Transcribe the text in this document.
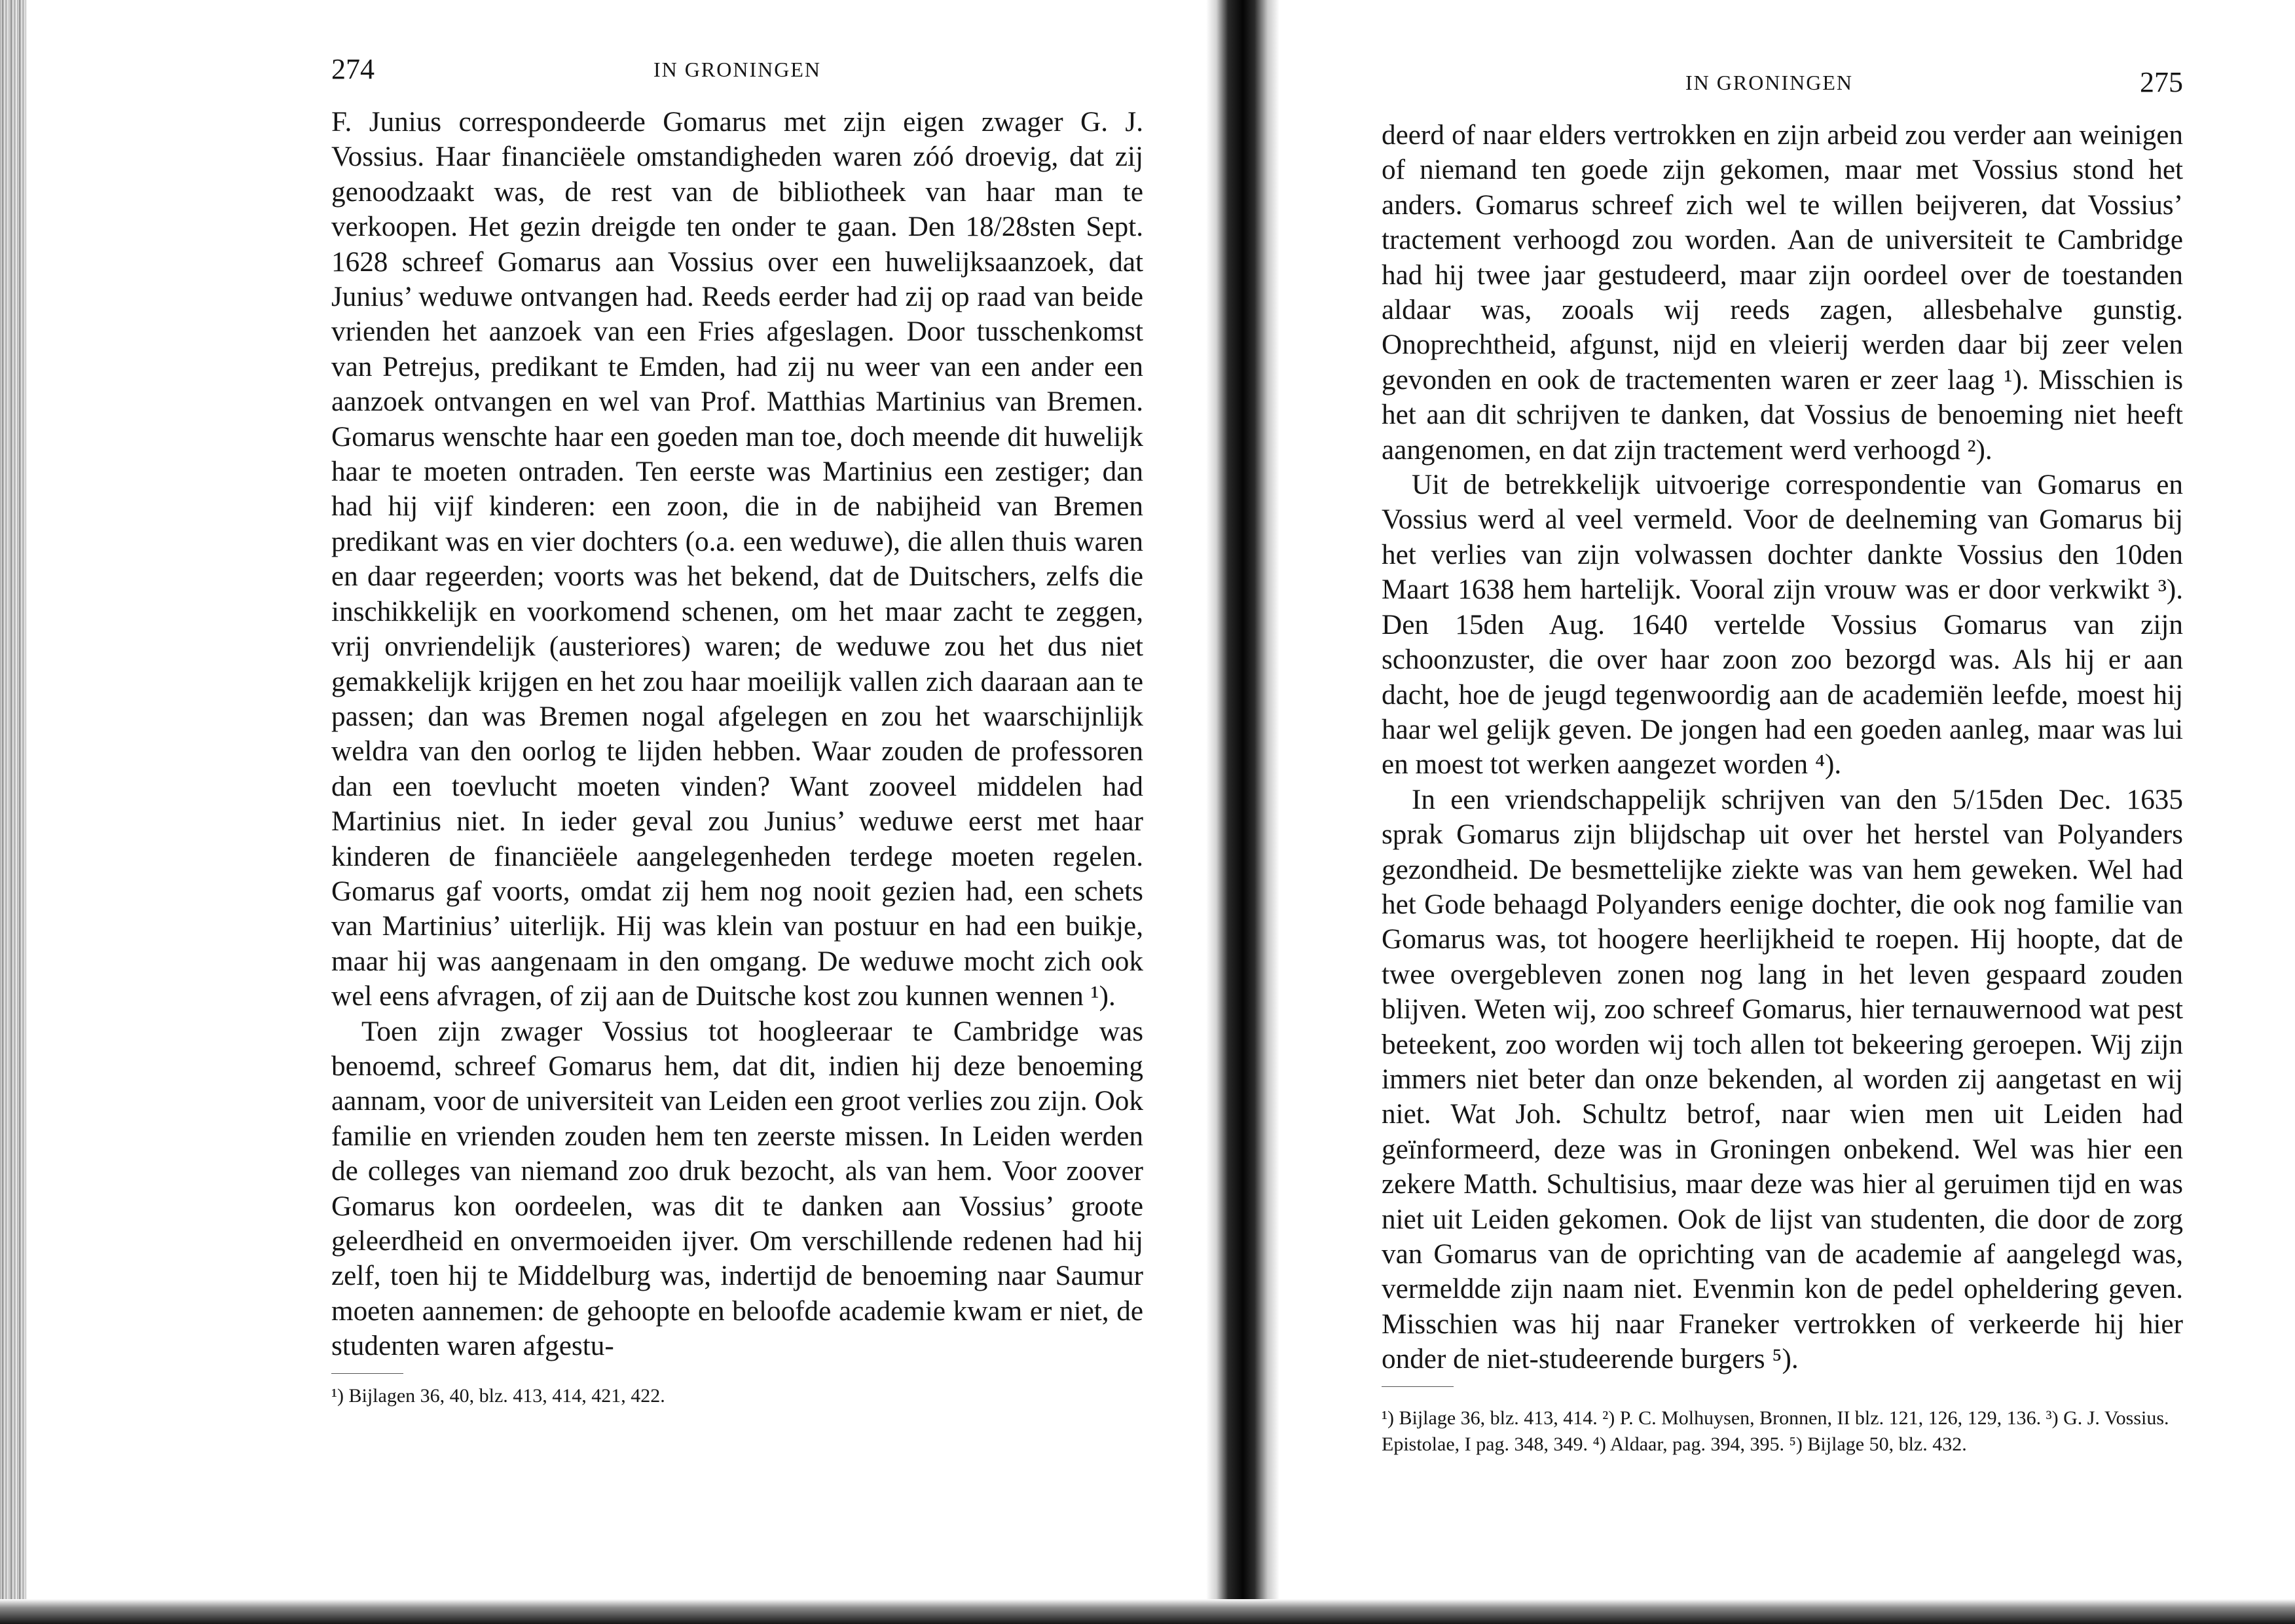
274	IN GRONINGEN

F. Junius correspondeerde Gomarus met zijn eigen zwager G. J. Vossius. Haar financiëele omstandigheden waren zóó droevig, dat zij genoodzaakt was, de rest van de bibliotheek van haar man te verkoopen. Het gezin dreigde ten onder te gaan. Den 18/28sten Sept. 1628 schreef Gomarus aan Vossius over een huwelijksaanzoek, dat Junius’ weduwe ontvangen had. Reeds eerder had zij op raad van beide vrienden het aanzoek van een Fries afgeslagen. Door tusschenkomst van Petrejus, predikant te Emden, had zij nu weer van een ander een aanzoek ontvangen en wel van Prof. Matthias Martinius van Bremen. Gomarus wenschte haar een goeden man toe, doch meende dit huwelijk haar te moeten ontraden. Ten eerste was Martinius een zestiger; dan had hij vijf kinderen: een zoon, die in de nabijheid van Bremen predikant was en vier dochters (o.a. een weduwe), die allen thuis waren en daar regeerden; voorts was het bekend, dat de Duitschers, zelfs die inschikkelijk en voorkomend schenen, om het maar zacht te zeggen, vrij onvriendelijk (austeriores) waren; de weduwe zou het dus niet gemakkelijk krijgen en het zou haar moeilijk vallen zich daaraan aan te passen; dan was Bremen nogal afgelegen en zou het waarschijnlijk weldra van den oorlog te lijden hebben. Waar zouden de professoren dan een toevlucht moeten vinden? Want zooveel middelen had Martinius niet. In ieder geval zou Junius’ weduwe eerst met haar kinderen de financiëele aangelegenheden terdege moeten regelen. Gomarus gaf voorts, omdat zij hem nog nooit gezien had, een schets van Martinius’ uiterlijk. Hij was klein van postuur en had een buikje, maar hij was aangenaam in den omgang. De weduwe mocht zich ook wel eens afvragen, of zij aan de Duitsche kost zou kunnen wennen ¹).

Toen zijn zwager Vossius tot hoogleeraar te Cambridge was benoemd, schreef Gomarus hem, dat dit, indien hij deze benoeming aannam, voor de universiteit van Leiden een groot verlies zou zijn. Ook familie en vrienden zouden hem ten zeerste missen. In Leiden werden de colleges van niemand zoo druk bezocht, als van hem. Voor zoover Gomarus kon oordeelen, was dit te danken aan Vossius’ groote geleerdheid en onvermoeiden ijver. Om verschillende redenen had hij zelf, toen hij te Middelburg was, indertijd de benoeming naar Saumur moeten aannemen: de gehoopte en beloofde academie kwam er niet, de studenten waren afgestu-

¹) Bijlagen 36, 40, blz. 413, 414, 421, 422.
IN GRONINGEN	275

deerd of naar elders vertrokken en zijn arbeid zou verder aan weinigen of niemand ten goede zijn gekomen, maar met Vossius stond het anders. Gomarus schreef zich wel te willen beijveren, dat Vossius’ tractement verhoogd zou worden. Aan de universiteit te Cambridge had hij twee jaar gestudeerd, maar zijn oordeel over de toestanden aldaar was, zooals wij reeds zagen, allesbehalve gunstig. Onoprechtheid, afgunst, nijd en vleierij werden daar bij zeer velen gevonden en ook de tractementen waren er zeer laag ¹). Misschien is het aan dit schrijven te danken, dat Vossius de benoeming niet heeft aangenomen, en dat zijn tractement werd verhoogd ²).

Uit de betrekkelijk uitvoerige correspondentie van Gomarus en Vossius werd al veel vermeld. Voor de deelneming van Gomarus bij het verlies van zijn volwassen dochter dankte Vossius den 10den Maart 1638 hem hartelijk. Vooral zijn vrouw was er door verkwikt ³). Den 15den Aug. 1640 vertelde Vossius Gomarus van zijn schoonzuster, die over haar zoon zoo bezorgd was. Als hij er aan dacht, hoe de jeugd tegenwoordig aan de academiën leefde, moest hij haar wel gelijk geven. De jongen had een goeden aanleg, maar was lui en moest tot werken aangezet worden ⁴).

In een vriendschappelijk schrijven van den 5/15den Dec. 1635 sprak Gomarus zijn blijdschap uit over het herstel van Polyanders gezondheid. De besmettelijke ziekte was van hem geweken. Wel had het Gode behaagd Polyanders eenige dochter, die ook nog familie van Gomarus was, tot hoogere heerlijkheid te roepen. Hij hoopte, dat de twee overgebleven zonen nog lang in het leven gespaard zouden blijven. Weten wij, zoo schreef Gomarus, hier ternauwernood wat pest beteekent, zoo worden wij toch allen tot bekeering geroepen. Wij zijn immers niet beter dan onze bekenden, al worden zij aangetast en wij niet. Wat Joh. Schultz betrof, naar wien men uit Leiden had geïnformeerd, deze was in Groningen onbekend. Wel was hier een zekere Matth. Schultisius, maar deze was hier al geruimen tijd en was niet uit Leiden gekomen. Ook de lijst van studenten, die door de zorg van Gomarus van de oprichting van de academie af aangelegd was, vermeldde zijn naam niet. Evenmin kon de pedel opheldering geven. Misschien was hij naar Franeker vertrokken of verkeerde hij hier onder de niet-studeerende burgers ⁵).

¹) Bijlage 36, blz. 413, 414. ²) P. C. Molhuysen, Bronnen, II blz. 121, 126, 129, 136. ³) G. J. Vossius. Epistolae, I pag. 348, 349. ⁴) Aldaar, pag. 394, 395. ⁵) Bijlage 50, blz. 432.
